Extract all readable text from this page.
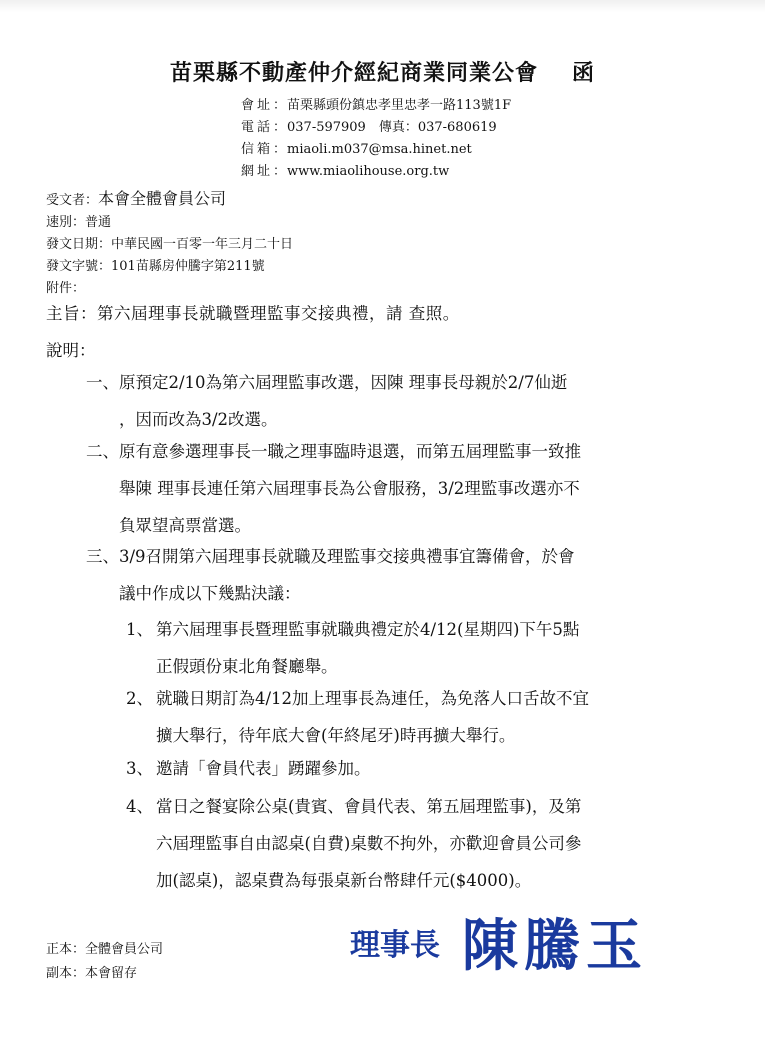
苗栗縣不動產仲介經紀商業同業公會 函
會址：苗栗縣頭份鎮忠孝里忠孝一路113號1F
電話：037-597909　傳真：037-680619
信箱：miaoli.m037@msa.hinet.net
網址：www.miaolihouse.org.tw
受文者：本會全體會員公司
速別：普通
發文日期：中華民國一百零一年三月二十日
發文字號：101苗縣房仲騰字第211號
附件：
主旨：第六屆理事長就職暨理監事交接典禮，請 查照。
說明：
一、 原預定2/10為第六屆理監事改選，因陳 理事長母親於2/7仙逝
，因而改為3/2改選。
二、 原有意參選理事長一職之理事臨時退選，而第五屆理監事一致推
舉陳 理事長連任第六屆理事長為公會服務，3/2理監事改選亦不
負眾望高票當選。
三、 3/9召開第六屆理事長就職及理監事交接典禮事宜籌備會，於會
議中作成以下幾點決議：
1、 第六屆理事長暨理監事就職典禮定於4/12(星期四)下午5點
正假頭份東北角餐廳舉。
2、 就職日期訂為4/12加上理事長為連任，為免落人口舌故不宜
擴大舉行，待年底大會(年終尾牙)時再擴大舉行。
3、 邀請「會員代表」踴躍參加。
4、 當日之餐宴除公桌(貴賓、會員代表、第五屆理監事)，及第
六屆理監事自由認桌(自費)桌數不拘外，亦歡迎會員公司參
加(認桌)，認桌費為每張桌新台幣肆仟元($4000)。
理事長 陳騰玉
正本：全體會員公司
副本：本會留存
